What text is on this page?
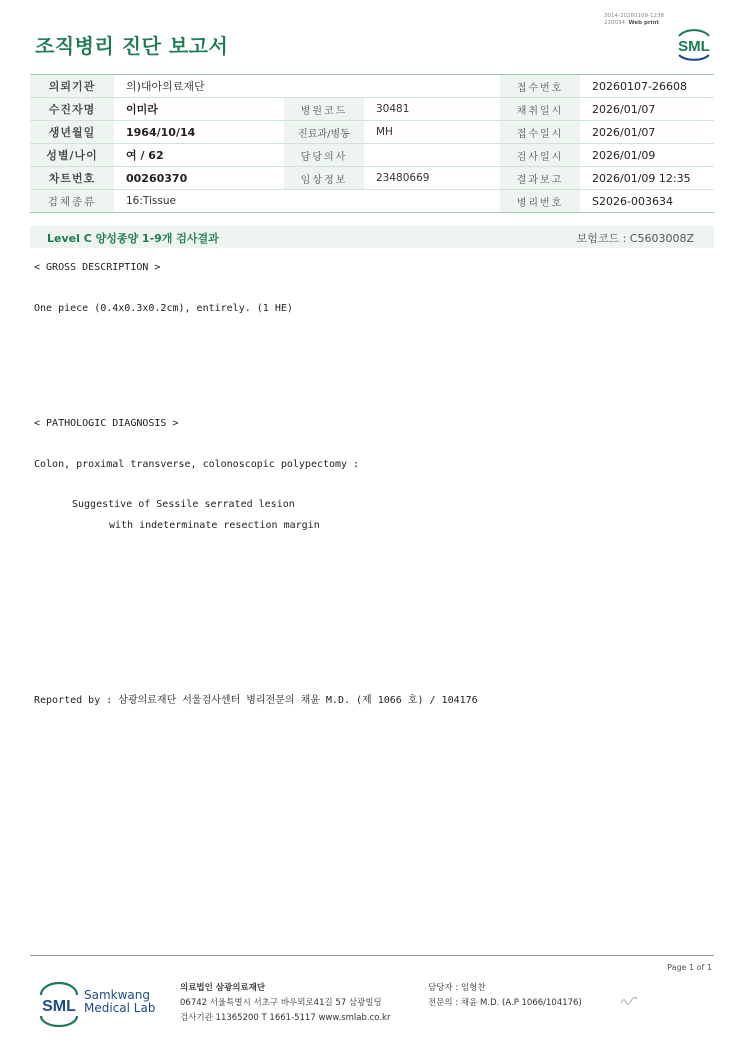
조직병리 진단 보고서
3014-20260109-1238
210034 Web print
SML
의뢰기관	의)대아의료재단			접수번호	20260107-26608
수진자명	이미라	병원코드	30481	채취일시	2026/01/07
생년월일	1964/10/14	진료과/병동	MH	접수일시	2026/01/07
성별/나이	여 / 62	담당의사		검사일시	2026/01/09
차트번호	00260370	임상정보	23480669	결과보고	2026/01/09 12:35
검체종류	16:Tissue			병리번호	S2026-003634
Level C 양성종양 1-9개 검사결과	보험코드 : C5603008Z
< GROSS DESCRIPTION >
One piece (0.4x0.3x0.2cm), entirely. (1 HE)
< PATHOLOGIC DIAGNOSIS >
Colon, proximal transverse, colonoscopic polypectomy :
Suggestive of Sessile serrated lesion
with indeterminate resection margin
Reported by : 삼광의료재단 서울검사센터 병리전문의 채윤 M.D. (제 1066 호) / 104176
Page 1 of 1
SML
Samkwang
Medical Lab
의료법인 삼광의료재단
06742 서울특별시 서초구 바우뫼로41길 57 삼광빌딩
검사기관 11365200 T 1661-5117 www.smlab.co.kr
담당자 : 임형찬
전문의 : 채윤 M.D. (A.P 1066/104176)
